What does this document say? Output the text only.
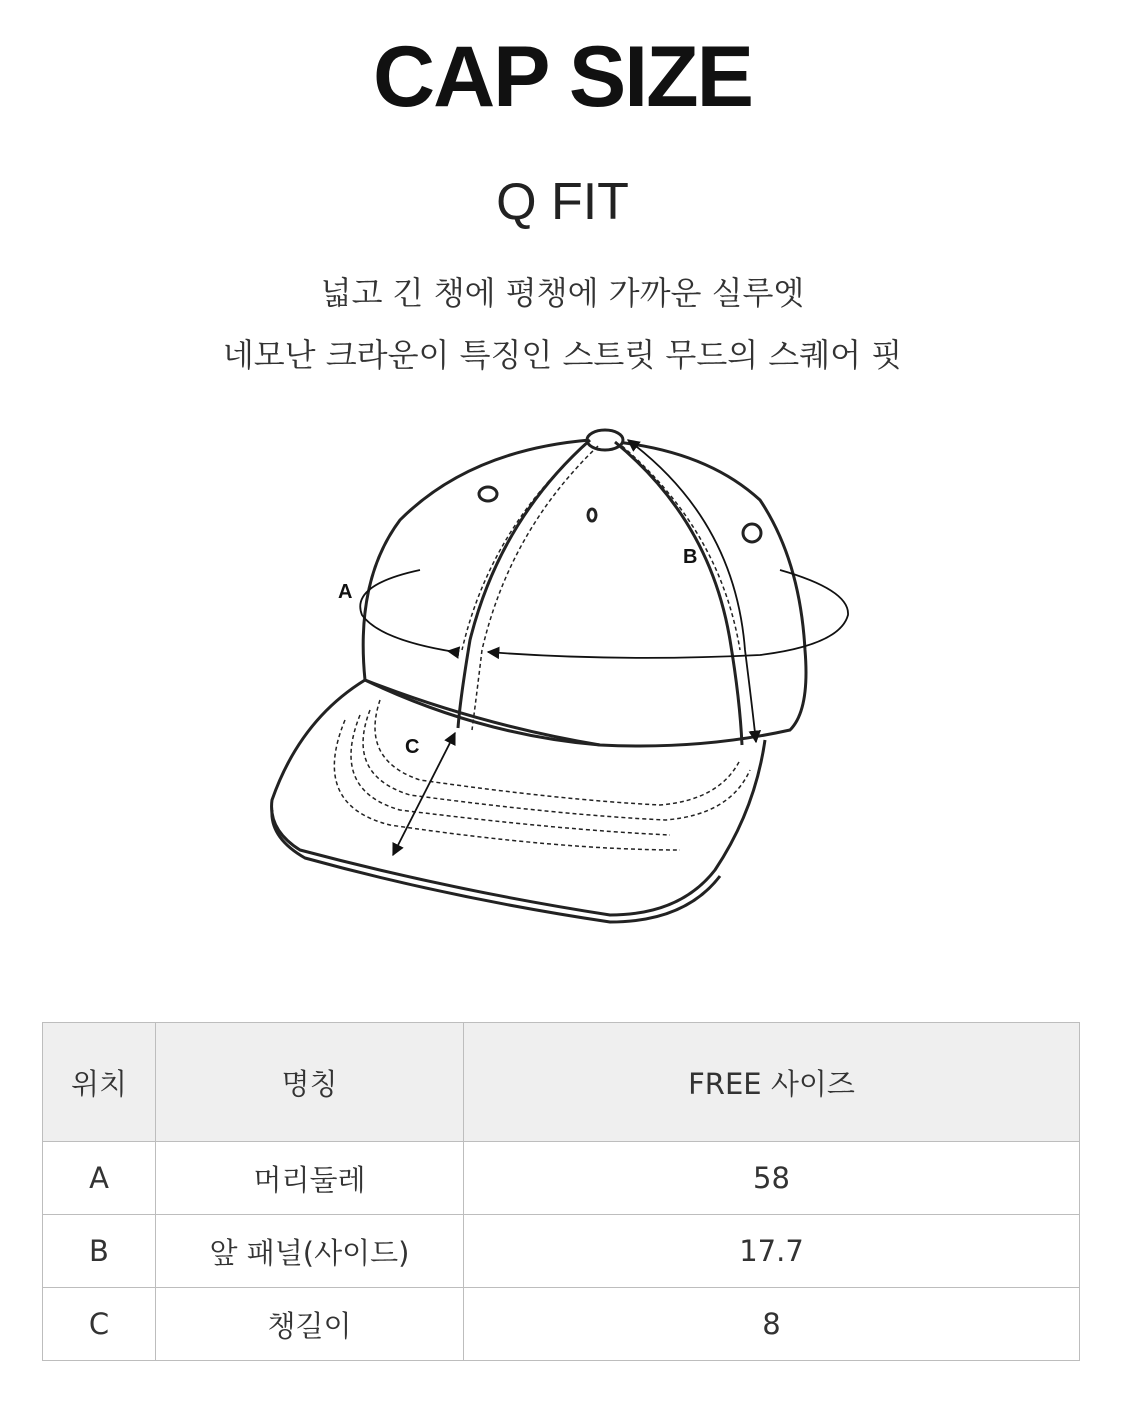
CAP SIZE
Q FIT
넓고 긴 챙에 평챙에 가까운 실루엣
네모난 크라운이 특징인 스트릿 무드의 스퀘어 핏
A
B
C
위치	명칭	FREE 사이즈
A	머리둘레	58
B	앞 패널(사이드)	17.7
C	챙길이	8
